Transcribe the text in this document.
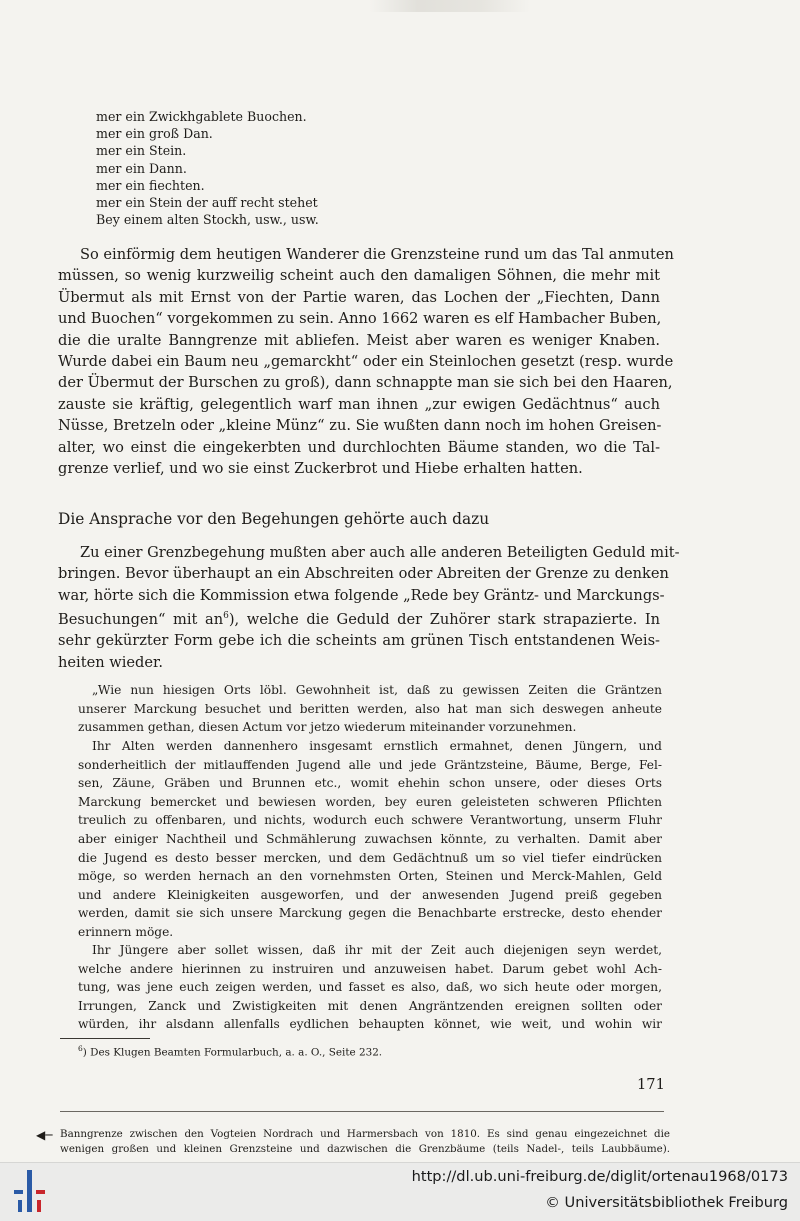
mer ein Zwickhgablete Buochen.
mer ein groß Dan.
mer ein Stein.
mer ein Dann.
mer ein fiechten.
mer ein Stein der auff recht stehet
Bey einem alten Stockh, usw., usw.
So einförmig dem heutigen Wanderer die Grenzsteine rund um das Tal anmuten
müssen, so wenig kurzweilig scheint auch den damaligen Söhnen, die mehr mit
Übermut als mit Ernst von der Partie waren, das Lochen der „Fiechten, Dann
und Buochen“ vorgekommen zu sein. Anno 1662 waren es elf Hambacher Buben,
die die uralte Banngrenze mit abliefen. Meist aber waren es weniger Knaben.
Wurde dabei ein Baum neu „gemarckht“ oder ein Steinlochen gesetzt (resp. wurde
der Übermut der Burschen zu groß), dann schnappte man sie sich bei den Haaren,
zauste sie kräftig, gelegentlich warf man ihnen „zur ewigen Gedächtnus“ auch
Nüsse, Bretzeln oder „kleine Münz“ zu. Sie wußten dann noch im hohen Greisen-
alter, wo einst die eingekerbten und durchlochten Bäume standen, wo die Tal-
grenze verlief, und wo sie einst Zuckerbrot und Hiebe erhalten hatten.
Die Ansprache vor den Begehungen gehörte auch dazu
Zu einer Grenzbegehung mußten aber auch alle anderen Beteiligten Geduld mit-
bringen. Bevor überhaupt an ein Abschreiten oder Abreiten der Grenze zu denken
war, hörte sich die Kommission etwa folgende „Rede bey Gräntz- und Marckungs-
Besuchungen“ mit $an^6$), welche die Geduld der Zuhörer stark strapazierte. In
sehr gekürzter Form gebe ich die scheints am grünen Tisch entstandenen Weis-
heiten wieder.
„Wie nun hiesigen Orts löbl. Gewohnheit ist, daß zu gewissen Zeiten die Gräntzen
unserer Marckung besuchet und beritten werden, also hat man sich deswegen anheute
zusammen gethan, diesen Actum vor jetzo wiederum miteinander vorzunehmen.
Ihr Alten werden dannenhero insgesamt ernstlich ermahnet, denen Jüngern, und
sonderheitlich der mitlauffenden Jugend alle und jede Gräntzsteine, Bäume, Berge, Fel-
sen, Zäune, Gräben und Brunnen etc., womit ehehin schon unsere, oder dieses Orts
Marckung bemercket und bewiesen worden, bey euren geleisteten schweren Pflichten
treulich zu offenbaren, und nichts, wodurch euch schwere Verantwortung, unserm Fluhr
aber einiger Nachtheil und Schmählerung zuwachsen könnte, zu verhalten. Damit aber
die Jugend es desto besser mercken, und dem Gedächtnuß um so viel tiefer eindrücken
möge, so werden hernach an den vornehmsten Orten, Steinen und Merck-Mahlen, Geld
und andere Kleinigkeiten ausgeworfen, und der anwesenden Jugend preiß gegeben
werden, damit sie sich unsere Marckung gegen die Benachbarte erstrecke, desto ehender
erinnern möge.
Ihr Jüngere aber sollet wissen, daß ihr mit der Zeit auch diejenigen seyn werdet,
welche andere hierinnen zu instruiren und anzuweisen habet. Darum gebet wohl Ach-
tung, was jene euch zeigen werden, und fasset es also, daß, wo sich heute oder morgen,
Irrungen, Zanck und Zwistigkeiten mit denen Angräntzenden ereignen sollten oder
würden, ihr alsdann allenfalls eydlichen behaupten könnet, wie weit, und wohin wir
$^6$) Des Klugen Beamten Formularbuch, a. a. O., Seite 232.
171
◀─ Banngrenze zwischen den Vogteien Nordrach und Harmersbach von 1810. Es sind genau eingezeichnet die
wenigen großen und kleinen Grenzsteine und dazwischen die Grenzbäume (teils Nadel-, teils Laubbäume).
http://dl.ub.uni-freiburg.de/diglit/ortenau1968/0173
© Universitätsbibliothek Freiburg
